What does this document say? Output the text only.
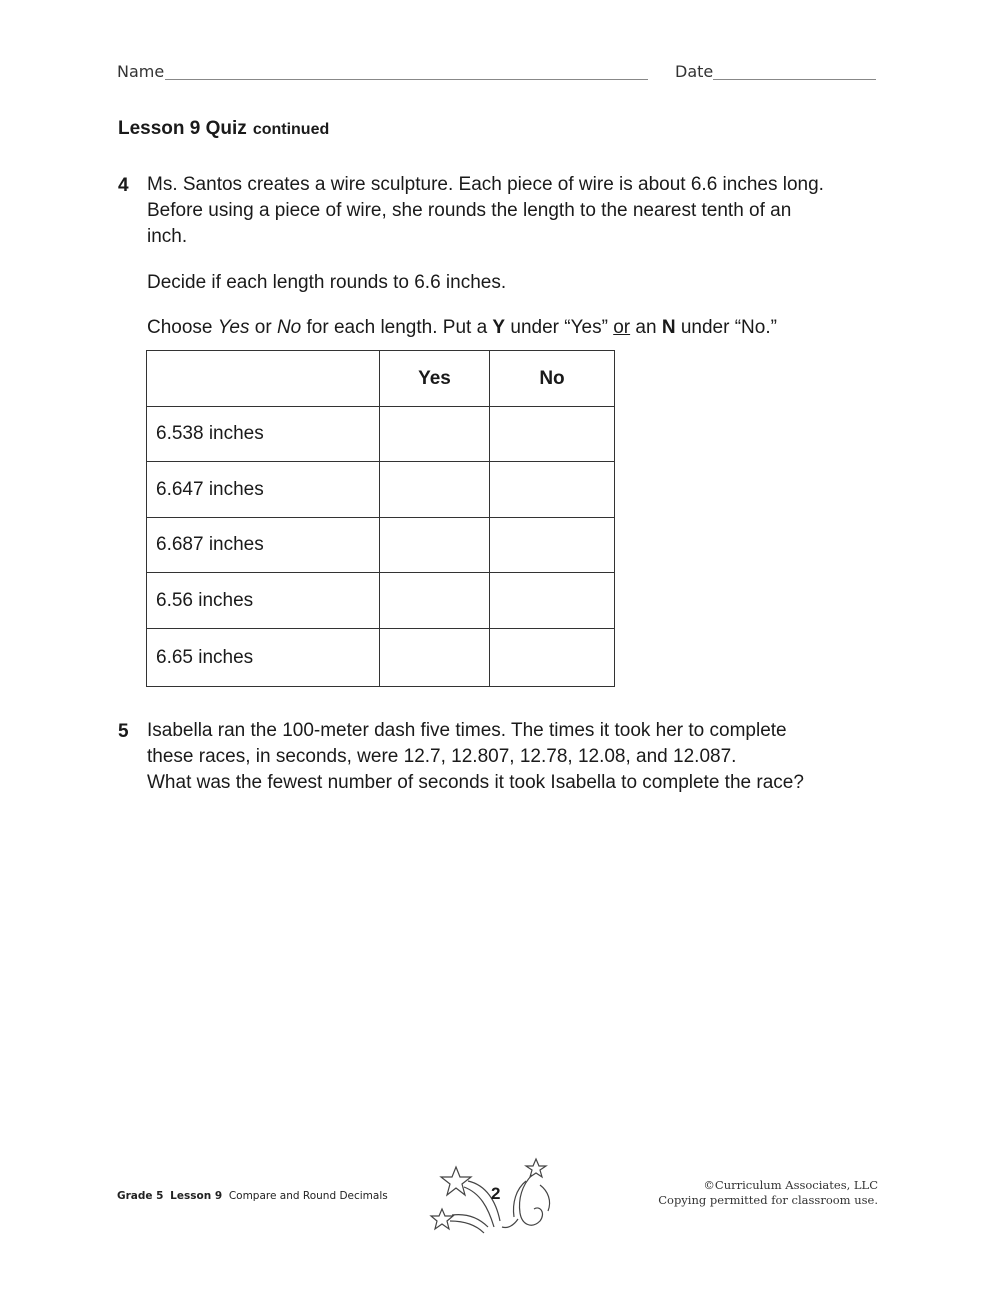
Name	Date
Lesson 9 Quiz continued
4 Ms. Santos creates a wire sculpture. Each piece of wire is about 6.6 inches long.
Before using a piece of wire, she rounds the length to the nearest tenth of an
inch.
Decide if each length rounds to 6.6 inches.
Choose Yes or No for each length. Put a Y under “Yes” or an N under “No.”
	Yes	No
6.538 inches		
6.647 inches		
6.687 inches		
6.56 inches		
6.65 inches		
5 Isabella ran the 100-meter dash five times. The times it took her to complete
these races, in seconds, were 12.7, 12.807, 12.78, 12.08, and 12.087.
What was the fewest number of seconds it took Isabella to complete the race?
Grade 5 Lesson 9 Compare and Round Decimals	2	©Curriculum Associates, LLC
Copying permitted for classroom use.
